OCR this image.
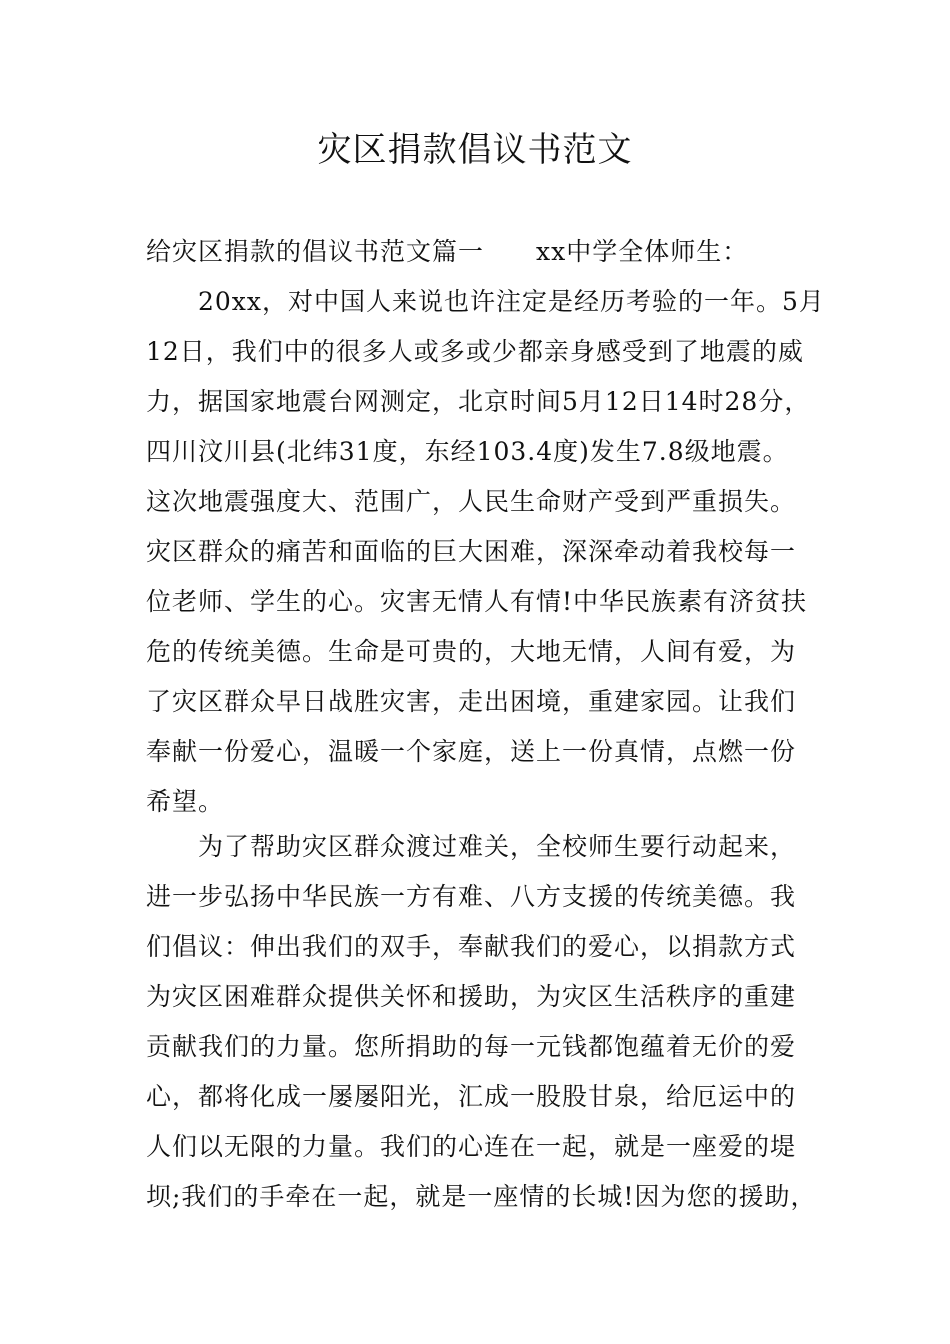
灾区捐款倡议书范文
给灾区捐款的倡议书范文篇一　　xx中学全体师生：
20xx，对中国人来说也许注定是经历考验的一年。5月
12日，我们中的很多人或多或少都亲身感受到了地震的威
力，据国家地震台网测定，北京时间5月12日14时28分，
四川汶川县(北纬31度，东经103.4度)发生7.8级地震。
这次地震强度大、范围广，人民生命财产受到严重损失。
灾区群众的痛苦和面临的巨大困难，深深牵动着我校每一
位老师、学生的心。灾害无情人有情!中华民族素有济贫扶
危的传统美德。生命是可贵的，大地无情，人间有爱，为
了灾区群众早日战胜灾害，走出困境，重建家园。让我们
奉献一份爱心，温暖一个家庭，送上一份真情，点燃一份
希望。
为了帮助灾区群众渡过难关，全校师生要行动起来，
进一步弘扬中华民族一方有难、八方支援的传统美德。我
们倡议：伸出我们的双手，奉献我们的爱心，以捐款方式
为灾区困难群众提供关怀和援助，为灾区生活秩序的重建
贡献我们的力量。您所捐助的每一元钱都饱蕴着无价的爱
心，都将化成一屡屡阳光，汇成一股股甘泉，给厄运中的
人们以无限的力量。我们的心连在一起，就是一座爱的堤
坝;我们的手牵在一起，就是一座情的长城!因为您的援助，
